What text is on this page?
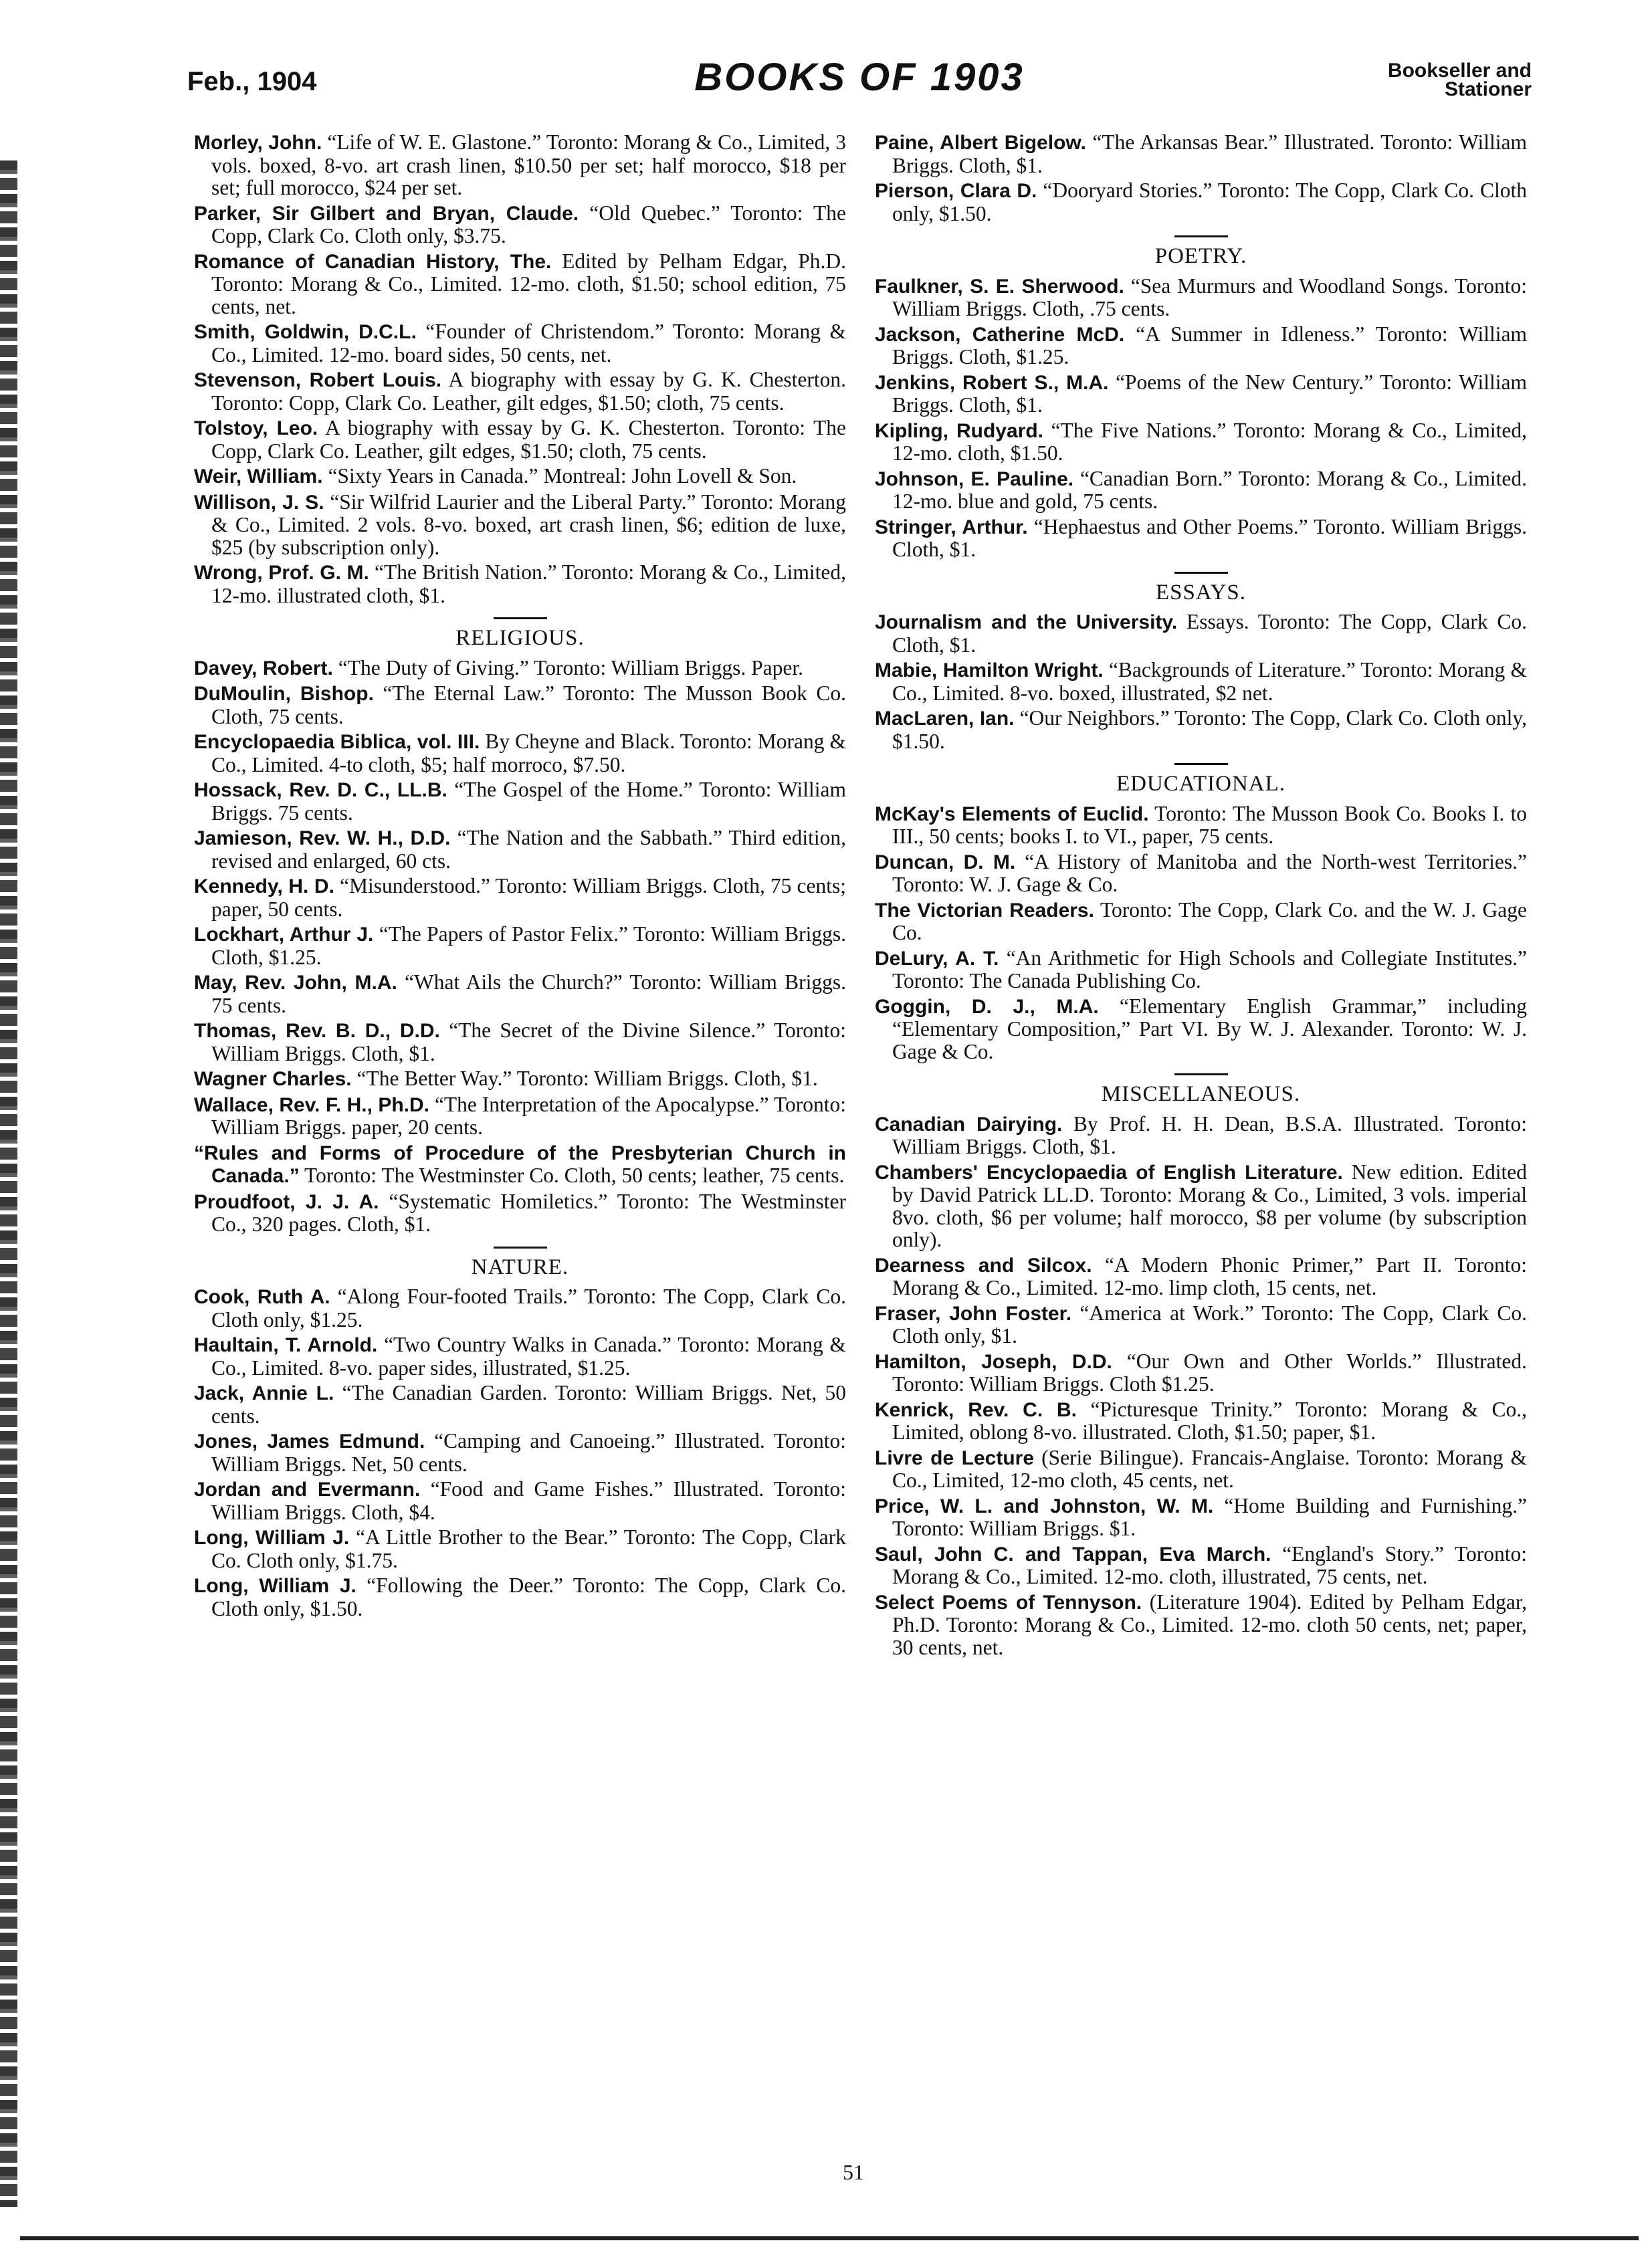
Feb., 1904	BOOKS OF 1903	Bookseller and
Stationer
Morley, John. “Life of W. E. Glastone.” Toronto: Morang & Co., Limited, 3 vols. boxed, 8-vo. art crash linen, $10.50 per set; half morocco, $18 per set; full morocco, $24 per set.
Parker, Sir Gilbert and Bryan, Claude. “Old Quebec.” Toronto: The Copp, Clark Co. Cloth only, $3.75.
Romance of Canadian History, The. Edited by Pelham Edgar, Ph.D. Toronto: Morang & Co., Limited. 12-mo. cloth, $1.50; school edition, 75 cents, net.
Smith, Goldwin, D.C.L. “Founder of Christendom.” Toronto: Morang & Co., Limited. 12-mo. board sides, 50 cents, net.
Stevenson, Robert Louis. A biography with essay by G. K. Chesterton. Toronto: Copp, Clark Co. Leather, gilt edges, $1.50; cloth, 75 cents.
Tolstoy, Leo. A biography with essay by G. K. Chesterton. Toronto: The Copp, Clark Co. Leather, gilt edges, $1.50; cloth, 75 cents.
Weir, William. “Sixty Years in Canada.” Montreal: John Lovell & Son.
Willison, J. S. “Sir Wilfrid Laurier and the Liberal Party.” Toronto: Morang & Co., Limited. 2 vols. 8-vo. boxed, art crash linen, $6; edition de luxe, $25 (by subscription only).
Wrong, Prof. G. M. “The British Nation.” Toronto: Morang & Co., Limited, 12-mo. illustrated cloth, $1.
RELIGIOUS.
Davey, Robert. “The Duty of Giving.” Toronto: William Briggs. Paper.
DuMoulin, Bishop. “The Eternal Law.” Toronto: The Musson Book Co. Cloth, 75 cents.
Encyclopaedia Biblica, vol. III. By Cheyne and Black. Toronto: Morang & Co., Limited. 4-to cloth, $5; half morroco, $7.50.
Hossack, Rev. D. C., LL.B. “The Gospel of the Home.” Toronto: William Briggs. 75 cents.
Jamieson, Rev. W. H., D.D. “The Nation and the Sabbath.” Third edition, revised and enlarged, 60 cts.
Kennedy, H. D. “Misunderstood.” Toronto: William Briggs. Cloth, 75 cents; paper, 50 cents.
Lockhart, Arthur J. “The Papers of Pastor Felix.” Toronto: William Briggs. Cloth, $1.25.
May, Rev. John, M.A. “What Ails the Church?” Toronto: William Briggs. 75 cents.
Thomas, Rev. B. D., D.D. “The Secret of the Divine Silence.” Toronto: William Briggs. Cloth, $1.
Wagner Charles. “The Better Way.” Toronto: William Briggs. Cloth, $1.
Wallace, Rev. F. H., Ph.D. “The Interpretation of the Apocalypse.” Toronto: William Briggs. paper, 20 cents.
“Rules and Forms of Procedure of the Presbyterian Church in Canada.” Toronto: The Westminster Co. Cloth, 50 cents; leather, 75 cents.
Proudfoot, J. J. A. “Systematic Homiletics.” Toronto: The Westminster Co., 320 pages. Cloth, $1.
NATURE.
Cook, Ruth A. “Along Four-footed Trails.” Toronto: The Copp, Clark Co. Cloth only, $1.25.
Haultain, T. Arnold. “Two Country Walks in Canada.” Toronto: Morang & Co., Limited. 8-vo. paper sides, illustrated, $1.25.
Jack, Annie L. “The Canadian Garden. Toronto: William Briggs. Net, 50 cents.
Jones, James Edmund. “Camping and Canoeing.” Illustrated. Toronto: William Briggs. Net, 50 cents.
Jordan and Evermann. “Food and Game Fishes.” Illustrated. Toronto: William Briggs. Cloth, $4.
Long, William J. “A Little Brother to the Bear.” Toronto: The Copp, Clark Co. Cloth only, $1.75.
Long, William J. “Following the Deer.” Toronto: The Copp, Clark Co. Cloth only, $1.50.
Paine, Albert Bigelow. “The Arkansas Bear.” Illustrated. Toronto: William Briggs. Cloth, $1.
Pierson, Clara D. “Dooryard Stories.” Toronto: The Copp, Clark Co. Cloth only, $1.50.
POETRY.
Faulkner, S. E. Sherwood. “Sea Murmurs and Woodland Songs. Toronto: William Briggs. Cloth, .75 cents.
Jackson, Catherine McD. “A Summer in Idleness.” Toronto: William Briggs. Cloth, $1.25.
Jenkins, Robert S., M.A. “Poems of the New Century.” Toronto: William Briggs. Cloth, $1.
Kipling, Rudyard. “The Five Nations.” Toronto: Morang & Co., Limited, 12-mo. cloth, $1.50.
Johnson, E. Pauline. “Canadian Born.” Toronto: Morang & Co., Limited. 12-mo. blue and gold, 75 cents.
Stringer, Arthur. “Hephaestus and Other Poems.” Toronto. William Briggs. Cloth, $1.
ESSAYS.
Journalism and the University. Essays. Toronto: The Copp, Clark Co. Cloth, $1.
Mabie, Hamilton Wright. “Backgrounds of Literature.” Toronto: Morang & Co., Limited. 8-vo. boxed, illustrated, $2 net.
MacLaren, Ian. “Our Neighbors.” Toronto: The Copp, Clark Co. Cloth only, $1.50.
EDUCATIONAL.
McKay's Elements of Euclid. Toronto: The Musson Book Co. Books I. to III., 50 cents; books I. to VI., paper, 75 cents.
Duncan, D. M. “A History of Manitoba and the North-west Territories.” Toronto: W. J. Gage & Co.
The Victorian Readers. Toronto: The Copp, Clark Co. and the W. J. Gage Co.
DeLury, A. T. “An Arithmetic for High Schools and Collegiate Institutes.” Toronto: The Canada Publishing Co.
Goggin, D. J., M.A. “Elementary English Grammar,” including “Elementary Composition,” Part VI. By W. J. Alexander. Toronto: W. J. Gage & Co.
MISCELLANEOUS.
Canadian Dairying. By Prof. H. H. Dean, B.S.A. Illustrated. Toronto: William Briggs. Cloth, $1.
Chambers' Encyclopaedia of English Literature. New edition. Edited by David Patrick LL.D. Toronto: Morang & Co., Limited, 3 vols. imperial 8vo. cloth, $6 per volume; half morocco, $8 per volume (by subscription only).
Dearness and Silcox. “A Modern Phonic Primer,” Part II. Toronto: Morang & Co., Limited. 12-mo. limp cloth, 15 cents, net.
Fraser, John Foster. “America at Work.” Toronto: The Copp, Clark Co. Cloth only, $1.
Hamilton, Joseph, D.D. “Our Own and Other Worlds.” Illustrated. Toronto: William Briggs. Cloth $1.25.
Kenrick, Rev. C. B. “Picturesque Trinity.” Toronto: Morang & Co., Limited, oblong 8-vo. illustrated. Cloth, $1.50; paper, $1.
Livre de Lecture (Serie Bilingue). Francais-Anglaise. Toronto: Morang & Co., Limited, 12-mo cloth, 45 cents, net.
Price, W. L. and Johnston, W. M. “Home Building and Furnishing.” Toronto: William Briggs. $1.
Saul, John C. and Tappan, Eva March. “England's Story.” Toronto: Morang & Co., Limited. 12-mo. cloth, illustrated, 75 cents, net.
Select Poems of Tennyson. (Literature 1904). Edited by Pelham Edgar, Ph.D. Toronto: Morang & Co., Limited. 12-mo. cloth 50 cents, net; paper, 30 cents, net.
51
